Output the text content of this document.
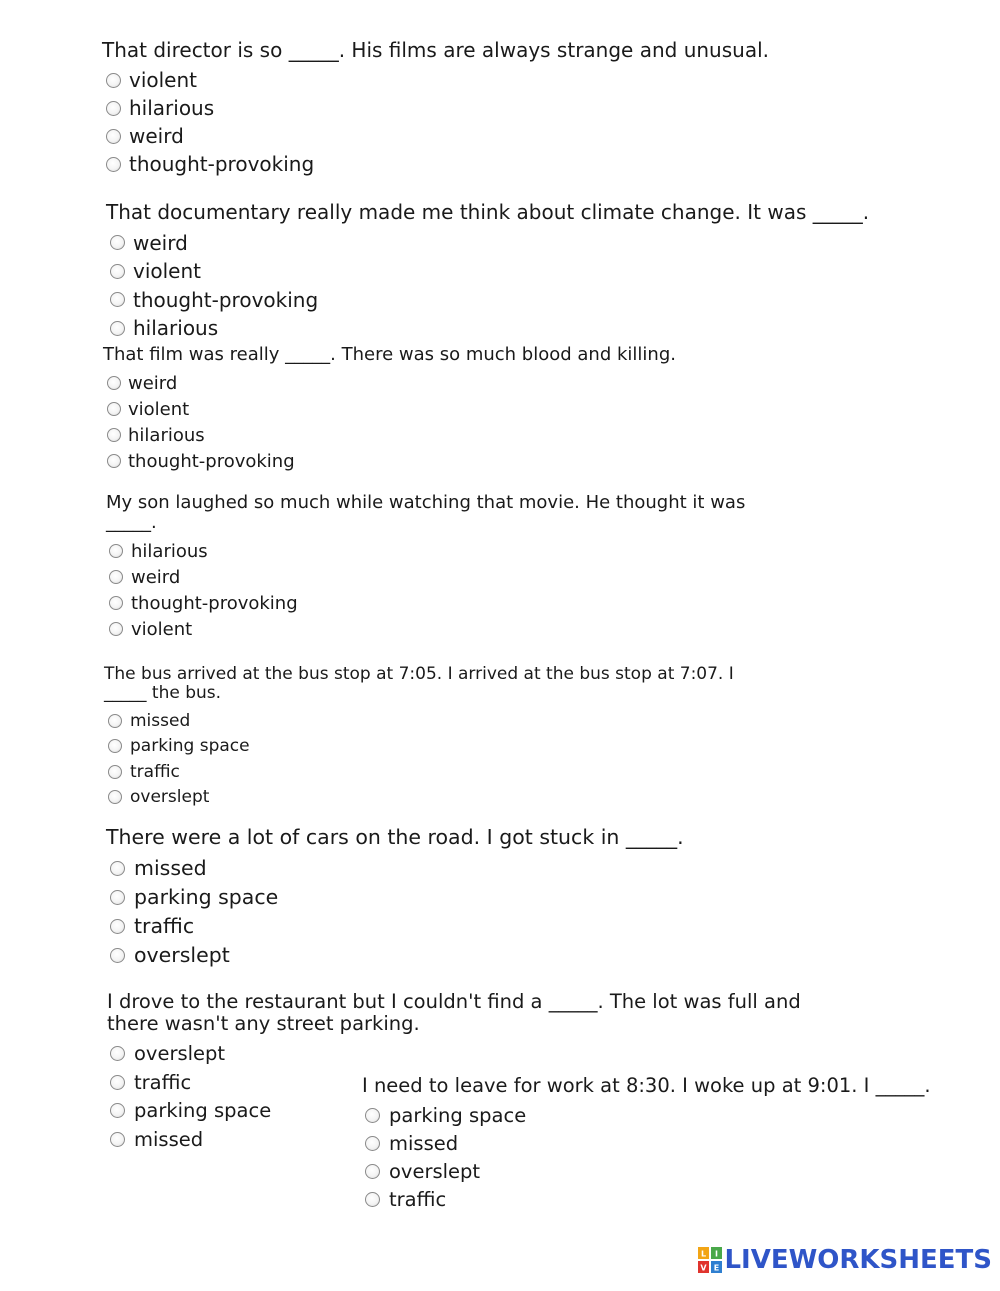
That director is so _____. His films are always strange and unusual.

violent
hilarious
weird
thought-provoking

That documentary really made me think about climate change. It was _____.

weird
violent
thought-provoking
hilarious

That film was really _____. There was so much blood and killing.

weird
violent
hilarious
thought-provoking

My son laughed so much while watching that movie. He thought it was
_____.

hilarious
weird
thought-provoking
violent

The bus arrived at the bus stop at 7:05. I arrived at the bus stop at 7:07. I
_____ the bus.

missed
parking space
traffic
overslept

There were a lot of cars on the road. I got stuck in _____.

missed
parking space
traffic
overslept

I drove to the restaurant but I couldn't find a _____. The lot was full and
there wasn't any street parking.

overslept
traffic
parking space
missed

I need to leave for work at 8:30. I woke up at 9:01. I _____.

parking space
missed
overslept
traffic
L I
V E LIVEWORKSHEETS
